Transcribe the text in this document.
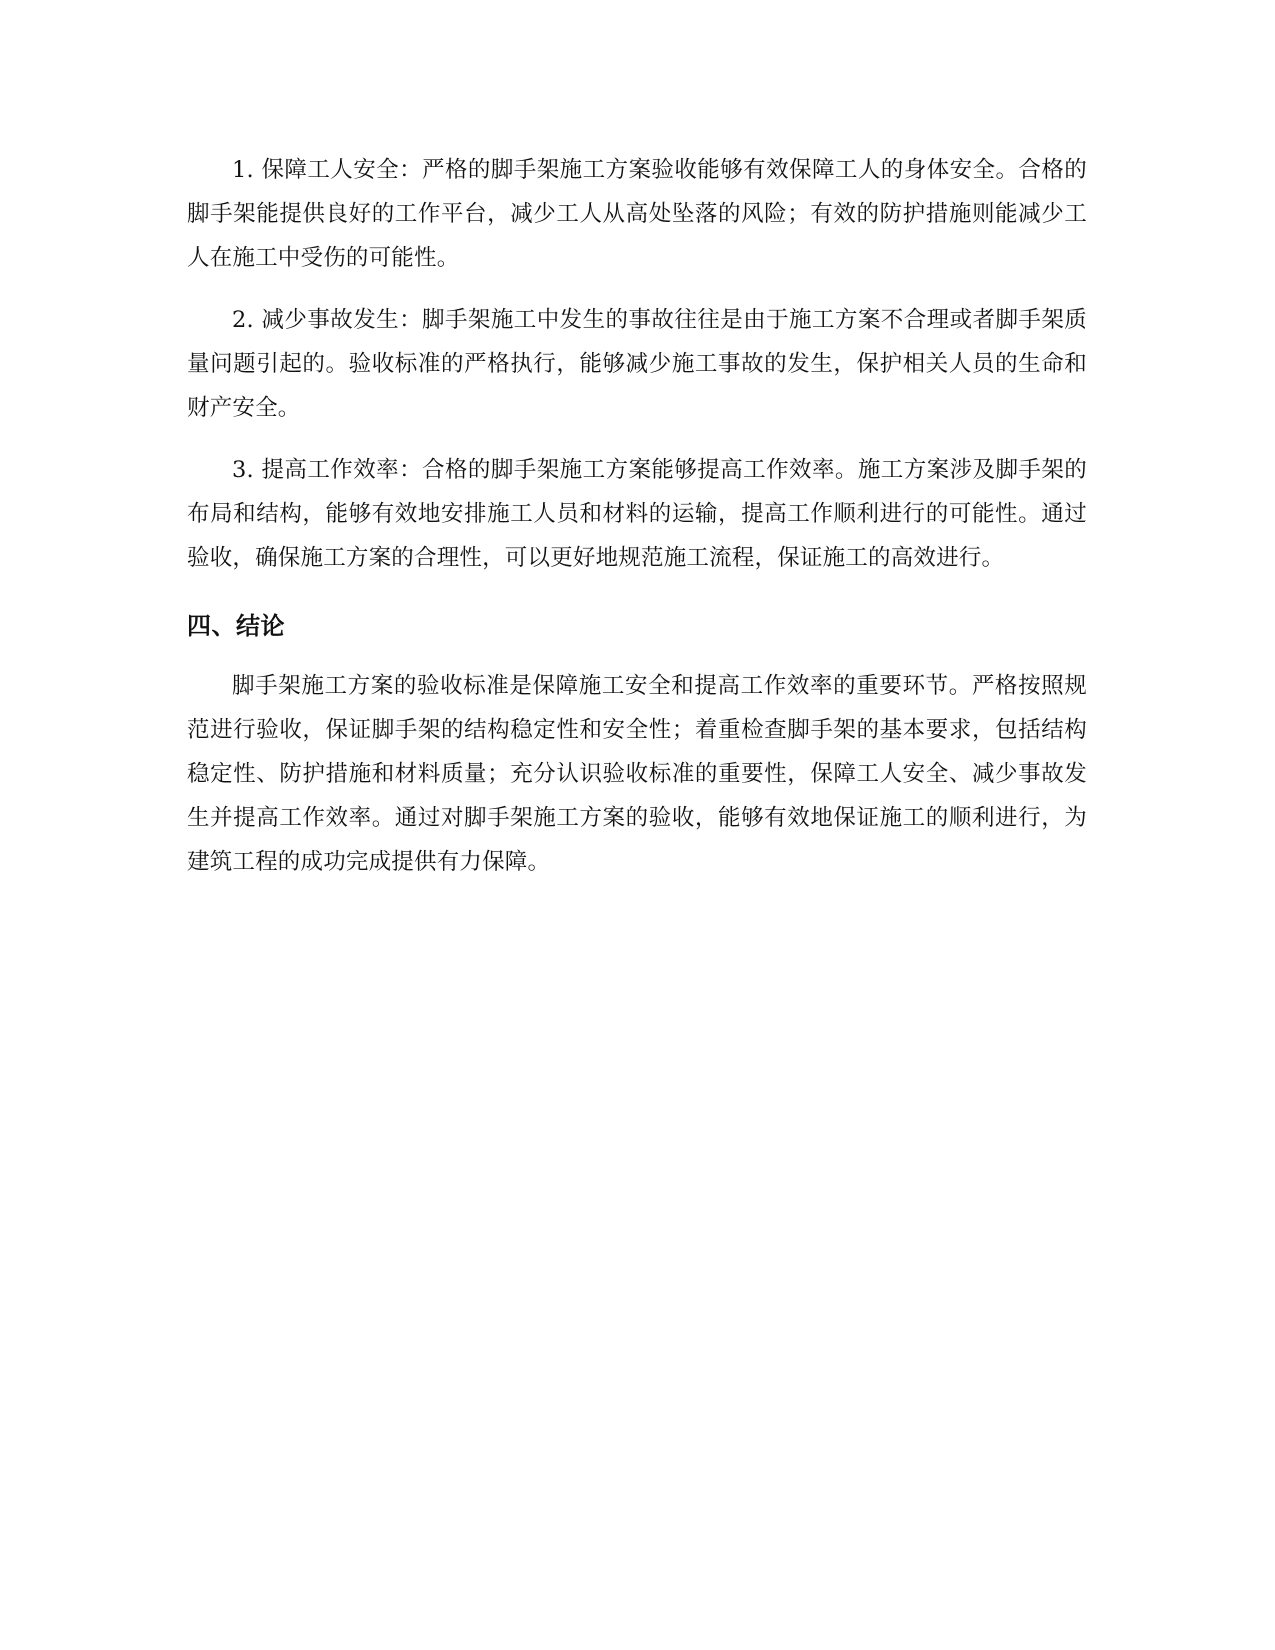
1. 保障工人安全：严格的脚手架施工方案验收能够有效保障工人的身体安全。合格的脚手架能提供良好的工作平台，减少工人从高处坠落的风险；有效的防护措施则能减少工人在施工中受伤的可能性。

2. 减少事故发生：脚手架施工中发生的事故往往是由于施工方案不合理或者脚手架质量问题引起的。验收标准的严格执行，能够减少施工事故的发生，保护相关人员的生命和财产安全。

3. 提高工作效率：合格的脚手架施工方案能够提高工作效率。施工方案涉及脚手架的布局和结构，能够有效地安排施工人员和材料的运输，提高工作顺利进行的可能性。通过验收，确保施工方案的合理性，可以更好地规范施工流程，保证施工的高效进行。

四、结论

脚手架施工方案的验收标准是保障施工安全和提高工作效率的重要环节。严格按照规范进行验收，保证脚手架的结构稳定性和安全性；着重检查脚手架的基本要求，包括结构稳定性、防护措施和材料质量；充分认识验收标准的重要性，保障工人安全、减少事故发生并提高工作效率。通过对脚手架施工方案的验收，能够有效地保证施工的顺利进行，为建筑工程的成功完成提供有力保障。
